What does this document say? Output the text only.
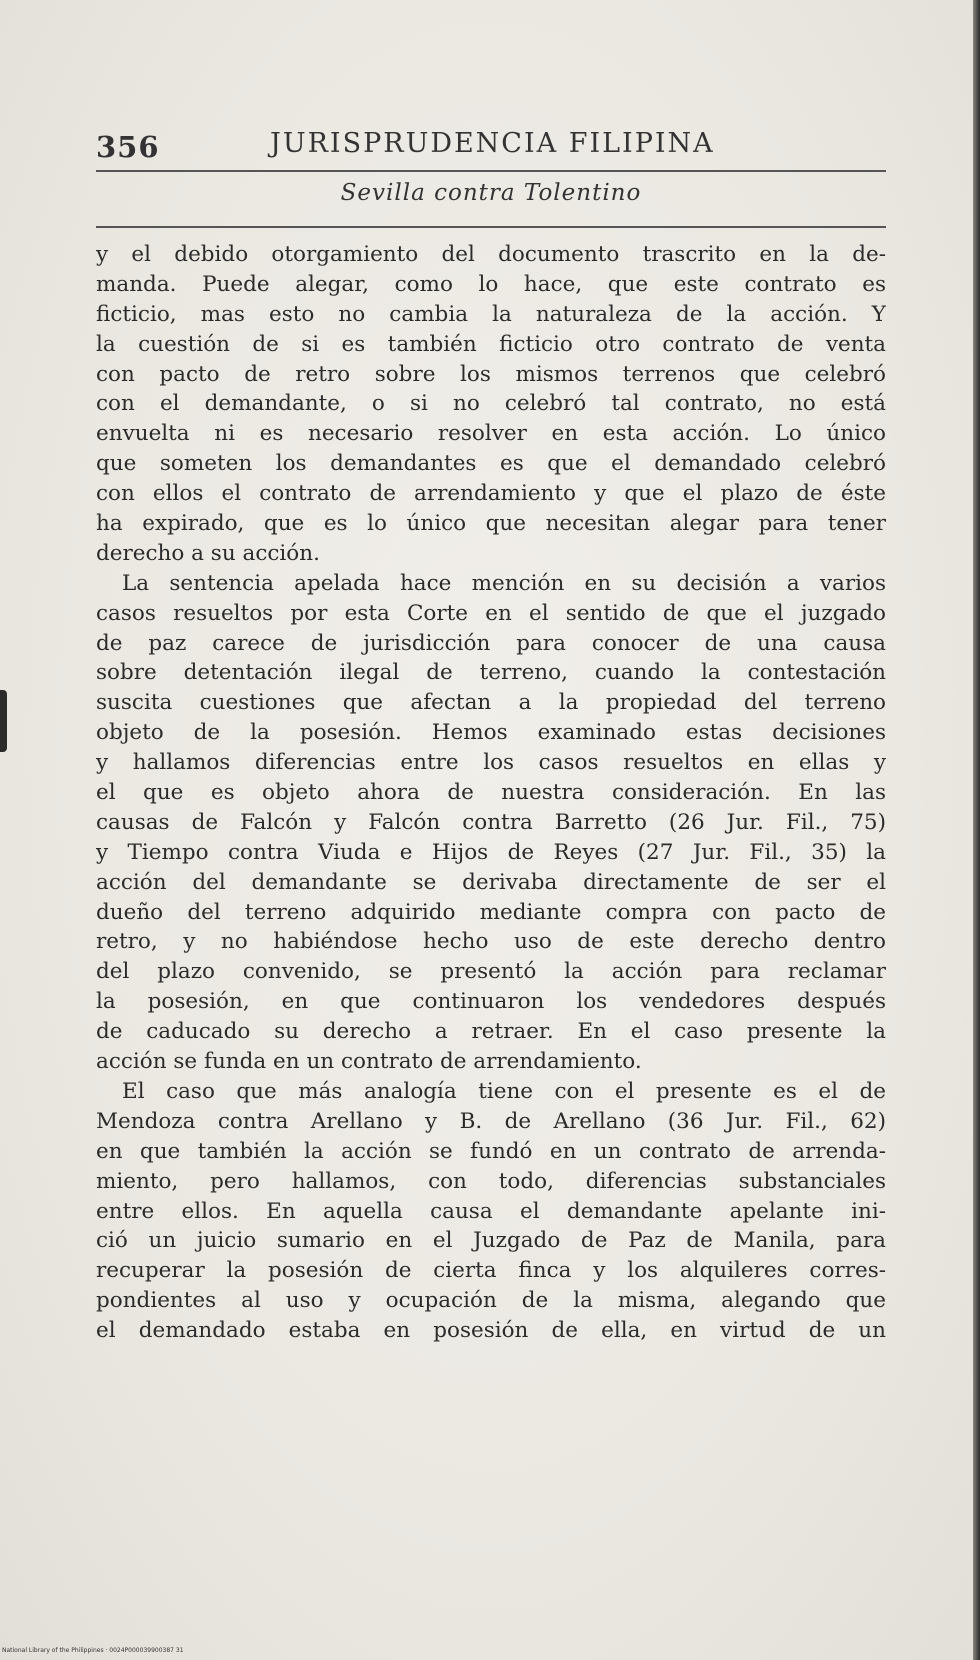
356	JURISPRUDENCIA FILIPINA
Sevilla contra Tolentino
y el debido otorgamiento del documento trascrito en la de-
manda. Puede alegar, como lo hace, que este contrato es
ficticio, mas esto no cambia la naturaleza de la acción. Y
la cuestión de si es también ficticio otro contrato de venta
con pacto de retro sobre los mismos terrenos que celebró
con el demandante, o si no celebró tal contrato, no está
envuelta ni es necesario resolver en esta acción. Lo único
que someten los demandantes es que el demandado celebró
con ellos el contrato de arrendamiento y que el plazo de éste
ha expirado, que es lo único que necesitan alegar para tener
derecho a su acción.
La sentencia apelada hace mención en su decisión a varios
casos resueltos por esta Corte en el sentido de que el juzgado
de paz carece de jurisdicción para conocer de una causa
sobre detentación ilegal de terreno, cuando la contestación
suscita cuestiones que afectan a la propiedad del terreno
objeto de la posesión. Hemos examinado estas decisiones
y hallamos diferencias entre los casos resueltos en ellas y
el que es objeto ahora de nuestra consideración. En las
causas de Falcón y Falcón contra Barretto (26 Jur. Fil., 75)
y Tiempo contra Viuda e Hijos de Reyes (27 Jur. Fil., 35) la
acción del demandante se derivaba directamente de ser el
dueño del terreno adquirido mediante compra con pacto de
retro, y no habiéndose hecho uso de este derecho dentro
del plazo convenido, se presentó la acción para reclamar
la posesión, en que continuaron los vendedores después
de caducado su derecho a retraer. En el caso presente la
acción se funda en un contrato de arrendamiento.
El caso que más analogía tiene con el presente es el de
Mendoza contra Arellano y B. de Arellano (36 Jur. Fil., 62)
en que también la acción se fundó en un contrato de arrenda-
miento, pero hallamos, con todo, diferencias substanciales
entre ellos. En aquella causa el demandante apelante ini-
ció un juicio sumario en el Juzgado de Paz de Manila, para
recuperar la posesión de cierta finca y los alquileres corres-
pondientes al uso y ocupación de la misma, alegando que
el demandado estaba en posesión de ella, en virtud de un
National Library of the Philippines · 0024P000039900387 31
